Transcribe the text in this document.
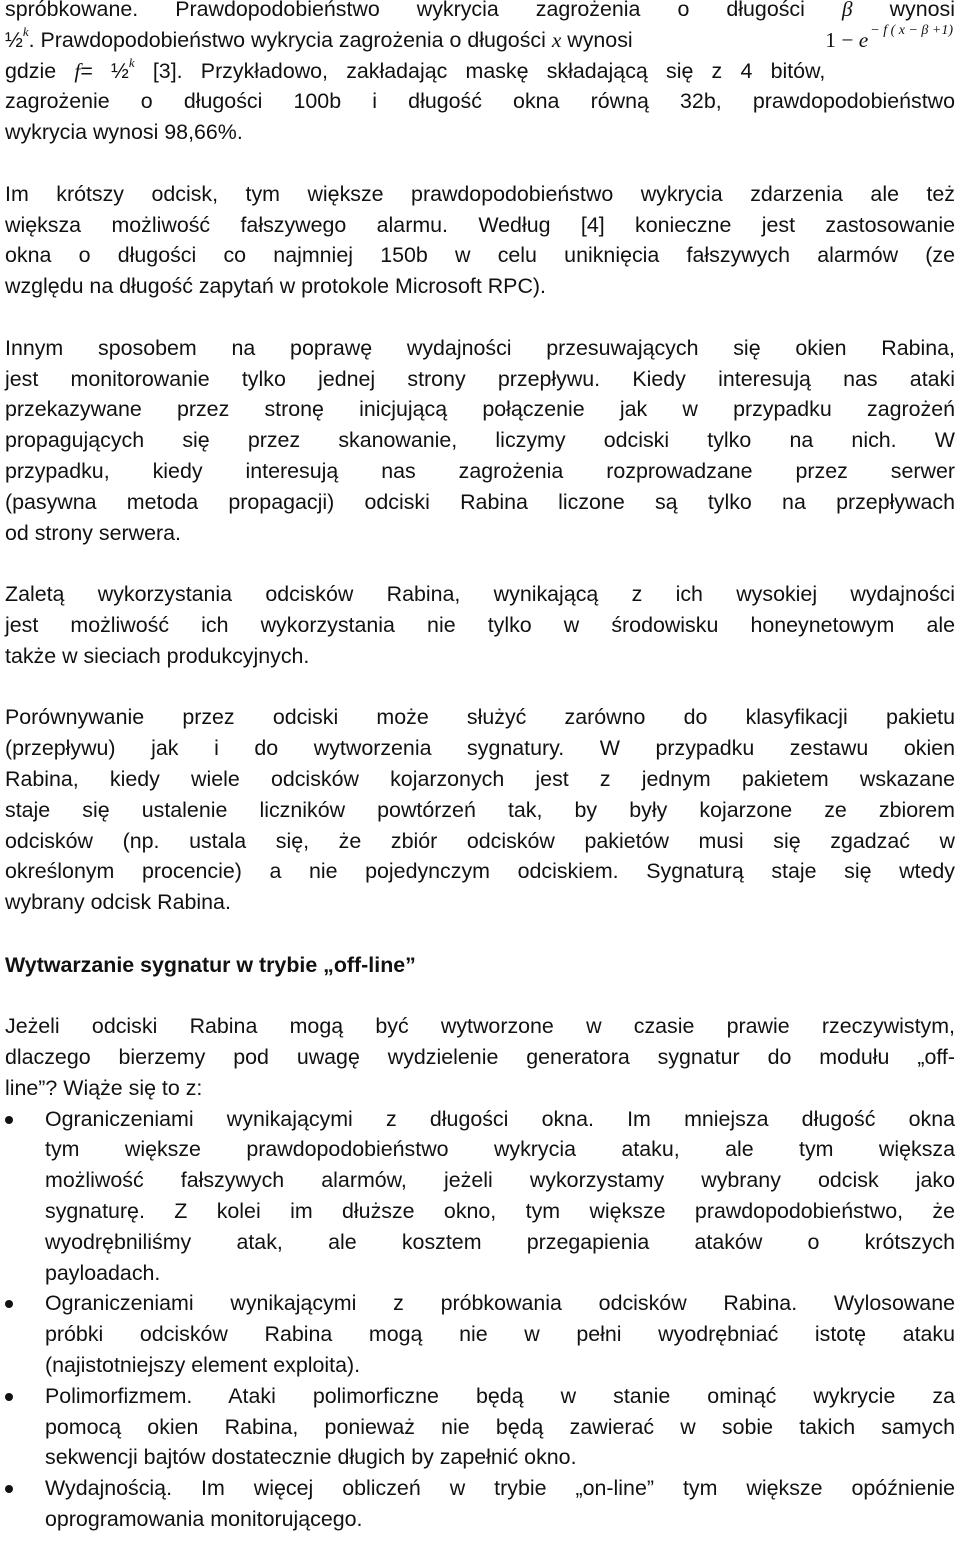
spróbkowane. Prawdopodobieństwo wykrycia zagrożenia o długości β wynosi
½$^k$. Prawdopodobieństwo wykrycia zagrożenia o długości x wynosi	1 − e $^{- f ( x - \beta +1)}$
gdzie f= ½$^k$ [3]. Przykładowo, zakładając maskę składającą się z 4 bitów,
zagrożenie o długości 100b i długość okna równą 32b, prawdopodobieństwo
wykrycia wynosi 98,66%.
Im krótszy odcisk, tym większe prawdopodobieństwo wykrycia zdarzenia ale też
większa możliwość fałszywego alarmu. Według [4] konieczne jest zastosowanie
okna o długości co najmniej 150b w celu uniknięcia fałszywych alarmów (ze
względu na długość zapytań w protokole Microsoft RPC).
Innym sposobem na poprawę wydajności przesuwających się okien Rabina,
jest monitorowanie tylko jednej strony przepływu. Kiedy interesują nas ataki
przekazywane przez stronę inicjującą połączenie jak w przypadku zagrożeń
propagujących się przez skanowanie, liczymy odciski tylko na nich. W
przypadku, kiedy interesują nas zagrożenia rozprowadzane przez serwer
(pasywna metoda propagacji) odciski Rabina liczone są tylko na przepływach
od strony serwera.
Zaletą wykorzystania odcisków Rabina, wynikającą z ich wysokiej wydajności
jest możliwość ich wykorzystania nie tylko w środowisku honeynetowym ale
także w sieciach produkcyjnych.
Porównywanie przez odciski może służyć zarówno do klasyfikacji pakietu
(przepływu) jak i do wytworzenia sygnatury. W przypadku zestawu okien
Rabina, kiedy wiele odcisków kojarzonych jest z jednym pakietem wskazane
staje się ustalenie liczników powtórzeń tak, by były kojarzone ze zbiorem
odcisków (np. ustala się, że zbiór odcisków pakietów musi się zgadzać w
określonym procencie) a nie pojedynczym odciskiem. Sygnaturą staje się wtedy
wybrany odcisk Rabina.
Wytwarzanie sygnatur w trybie „off-line”
Jeżeli odciski Rabina mogą być wytworzone w czasie prawie rzeczywistym,
dlaczego bierzemy pod uwagę wydzielenie generatora sygnatur do modułu „off-
line”? Wiąże się to z:
Ograniczeniami wynikającymi z długości okna. Im mniejsza długość okna
tym większe prawdopodobieństwo wykrycia ataku, ale tym większa
możliwość fałszywych alarmów, jeżeli wykorzystamy wybrany odcisk jako
sygnaturę. Z kolei im dłuższe okno, tym większe prawdopodobieństwo, że
wyodrębniliśmy atak, ale kosztem przegapienia ataków o krótszych
payloadach.
Ograniczeniami wynikającymi z próbkowania odcisków Rabina. Wylosowane
próbki odcisków Rabina mogą nie w pełni wyodrębniać istotę ataku
(najistotniejszy element exploita).
Polimorfizmem. Ataki polimorficzne będą w stanie ominąć wykrycie za
pomocą okien Rabina, ponieważ nie będą zawierać w sobie takich samych
sekwencji bajtów dostatecznie długich by zapełnić okno.
Wydajnością. Im więcej obliczeń w trybie „on-line” tym większe opóźnienie
oprogramowania monitorującego.
